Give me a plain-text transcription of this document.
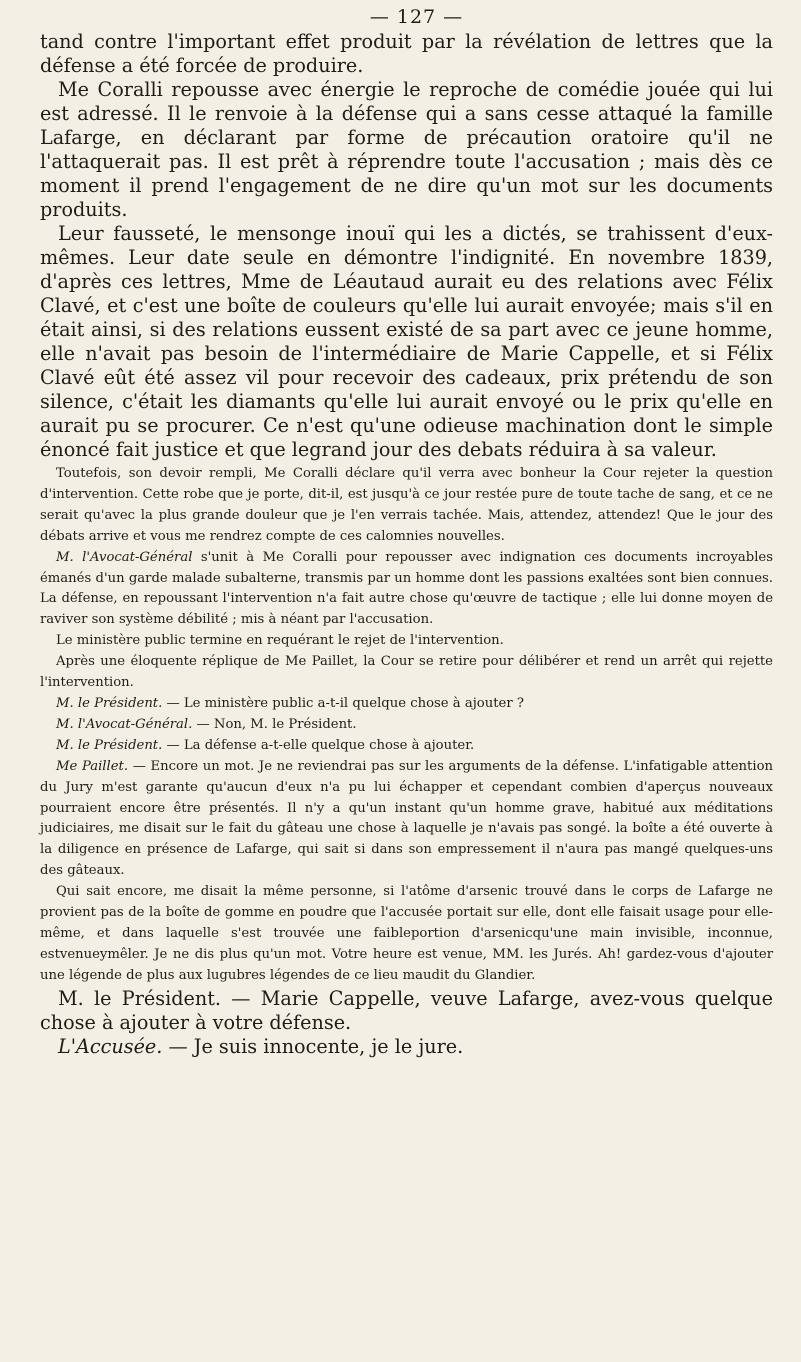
— 127 —

tand contre l'important effet produit par la révélation de lettres que la défense a été forcée de produire.

Me Coralli repousse avec énergie le reproche de comédie jouée qui lui est adressé. Il le renvoie à la défense qui a sans cesse attaqué la famille Lafarge, en déclarant par forme de précaution oratoire qu'il ne l'attaquerait pas. Il est prêt à réprendre toute l'accusation ; mais dès ce moment il prend l'engagement de ne dire qu'un mot sur les documents produits.

Leur fausseté, le mensonge inouï qui les a dictés, se trahissent d'eux-mêmes. Leur date seule en démontre l'indignité. En novembre 1839, d'après ces lettres, Mme de Léautaud aurait eu des relations avec Félix Clavé, et c'est une boîte de couleurs qu'elle lui aurait envoyée; mais s'il en était ainsi, si des relations eussent existé de sa part avec ce jeune homme, elle n'avait pas besoin de l'intermédiaire de Marie Cappelle, et si Félix Clavé eût été assez vil pour recevoir des cadeaux, prix prétendu de son silence, c'était les diamants qu'elle lui aurait envoyé ou le prix qu'elle en aurait pu se procurer. Ce n'est qu'une odieuse machination dont le simple énoncé fait justice et que legrand jour des debats réduira à sa valeur.

Toutefois, son devoir rempli, Me Coralli déclare qu'il verra avec bonheur la Cour rejeter la question d'intervention. Cette robe que je porte, dit-il, est jusqu'à ce jour restée pure de toute tache de sang, et ce ne serait qu'avec la plus grande douleur que je l'en verrais tachée. Mais, attendez, attendez! Que le jour des débats arrive et vous me rendrez compte de ces calomnies nouvelles.

M. l'Avocat-Général s'unit à Me Coralli pour repousser avec indignation ces documents incroyables émanés d'un garde malade subalterne, transmis par un homme dont les passions exaltées sont bien connues. La défense, en repoussant l'intervention n'a fait autre chose qu'œuvre de tactique ; elle lui donne moyen de raviver son système débilité ; mis à néant par l'accusation.

Le ministère public termine en requérant le rejet de l'intervention.

Après une éloquente réplique de Me Paillet, la Cour se retire pour délibérer et rend un arrêt qui rejette l'intervention.

M. le Président. — Le ministère public a-t-il quelque chose à ajouter ?

M. l'Avocat-Général. — Non, M. le Président.

M. le Président. — La défense a-t-elle quelque chose à ajouter.

Me Paillet. — Encore un mot. Je ne reviendrai pas sur les arguments de la défense. L'infatigable attention du Jury m'est garante qu'aucun d'eux n'a pu lui échapper et cependant combien d'aperçus nouveaux pourraient encore être présentés. Il n'y a qu'un instant qu'un homme grave, habitué aux méditations judiciaires, me disait sur le fait du gâteau une chose à laquelle je n'avais pas songé. la boîte a été ouverte à la diligence en présence de Lafarge, qui sait si dans son empressement il n'aura pas mangé quelques-uns des gâteaux.

Qui sait encore, me disait la même personne, si l'atôme d'arsenic trouvé dans le corps de Lafarge ne provient pas de la boîte de gomme en poudre que l'accusée portait sur elle, dont elle faisait usage pour elle-même, et dans laquelle s'est trouvée une faibleportion d'arsenicqu'une main invisible, inconnue, estvenueymêler. Je ne dis plus qu'un mot. Votre heure est venue, MM. les Jurés. Ah! gardez-vous d'ajouter une légende de plus aux lugubres légendes de ce lieu maudit du Glandier.

M. le Président. — Marie Cappelle, veuve Lafarge, avez-vous quelque chose à ajouter à votre défense.

L'Accusée. — Je suis innocente, je le jure.
